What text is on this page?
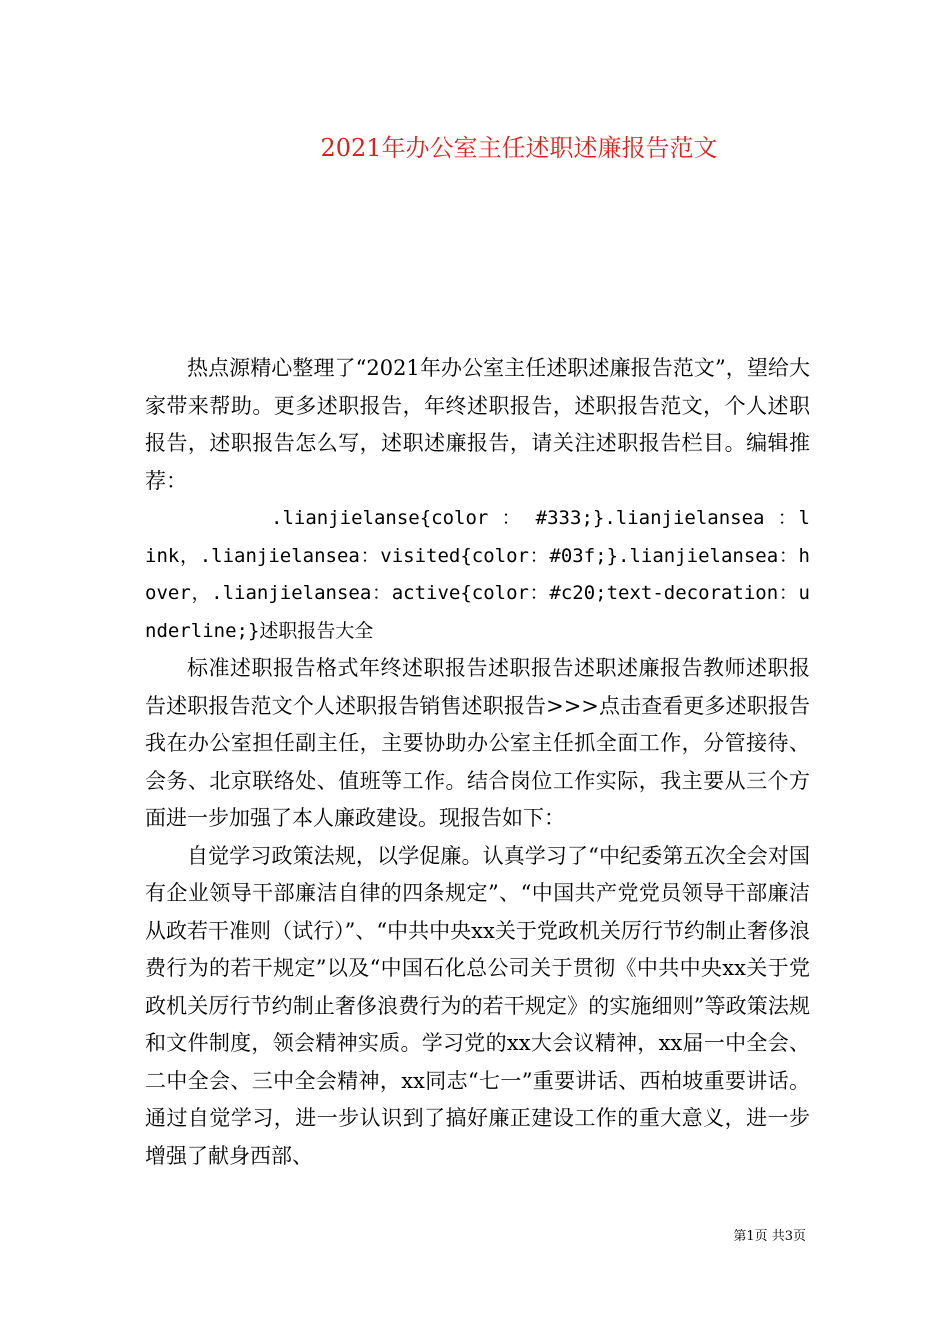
2021年办公室主任述职述廉报告范文

热点源精心整理了“2021年办公室主任述职述廉报告范文”，望给大家带来帮助。更多述职报告，年终述职报告，述职报告范文，个人述职报告，述职报告怎么写，述职述廉报告，请关注述职报告栏目。编辑推荐：

.lianjielanse{color ： #333;}.lianjielansea ：link，.lianjielansea：visited{color：#03f;}.lianjielansea：hover，.lianjielansea：active{color：#c20;text-decoration：underline;}述职报告大全

标准述职报告格式年终述职报告述职报告述职述廉报告教师述职报告述职报告范文个人述职报告销售述职报告>>>点击查看更多述职报告我在办公室担任副主任，主要协助办公室主任抓全面工作，分管接待、会务、北京联络处、值班等工作。结合岗位工作实际，我主要从三个方面进一步加强了本人廉政建设。现报告如下：

自觉学习政策法规，以学促廉。认真学习了“中纪委第五次全会对国有企业领导干部廉洁自律的四条规定”、“中国共产党党员领导干部廉洁从政若干准则（试行）”、“中共中央xx关于党政机关厉行节约制止奢侈浪费行为的若干规定”以及“中国石化总公司关于贯彻《中共中央xx关于党政机关厉行节约制止奢侈浪费行为的若干规定》的实施细则”等政策法规和文件制度，领会精神实质。学习党的xx大会议精神，xx届一中全会、二中全会、三中全会精神，xx同志“七一”重要讲话、西柏坡重要讲话。通过自觉学习，进一步认识到了搞好廉正建设工作的重大意义，进一步增强了献身西部、

第1页 共3页
